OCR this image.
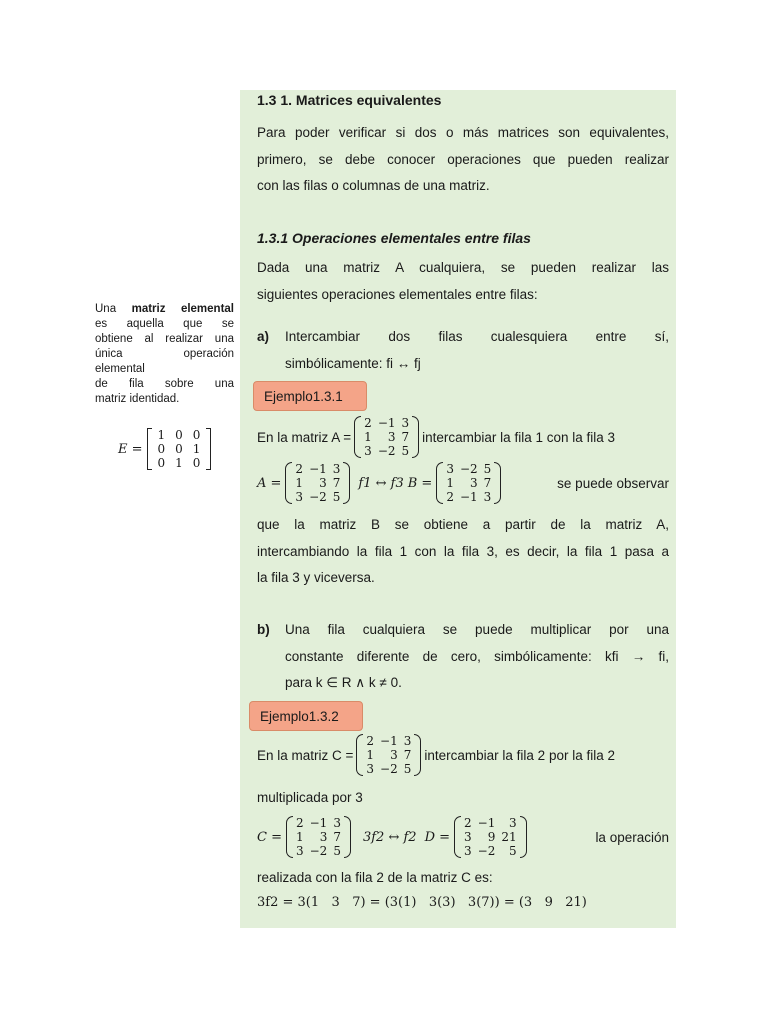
Una matriz elemental
es aquella que se
obtiene al realizar una
única operación
elemental
de fila sobre una
matriz identidad.
E =
1	0	0
0	0	1
0	1	0
1.3 1. Matrices equivalentes
Para poder verificar si dos o más matrices son equivalentes,
primero, se debe conocer operaciones que pueden realizar
con las filas o columnas de una matriz.
1.3.1 Operaciones elementales entre filas
Dada una matriz A cualquiera, se pueden realizar las
siguientes operaciones elementales entre filas:
a) Intercambiar dos filas cualesquiera entre sí,
simbólicamente: fi ↔ fj
Ejemplo1.3.1
En la matriz A =
2	−1	3
1	3	7
3	−2	5
intercambiar la fila 1 con la fila 3
A =
2	−1	3
1	3	7
3	−2	5
f1 ↔ f3 B =
3	−2	5
1	3	7
2	−1	3
se puede observar
que la matriz B se obtiene a partir de la matriz A,
intercambiando la fila 1 con la fila 3, es decir, la fila 1 pasa a
la fila 3 y viceversa.
b) Una fila cualquiera se puede multiplicar por una
constante diferente de cero, simbólicamente: kfi → fi,
para k ∈ R ∧ k ≠ 0.
Ejemplo1.3.2
En la matriz C =
2	−1	3
1	3	7
3	−2	5
intercambiar la fila 2 por la fila 2
multiplicada por 3
C =
2	−1	3
1	3	7
3	−2	5
3f2 ↔ f2 D =
2	−1	3
3	9	21
3	−2	5
la operación
realizada con la fila 2 de la matriz C es:
3f2 = 3(1   3   7) = (3(1)   3(3)   3(7)) = (3   9   21)
